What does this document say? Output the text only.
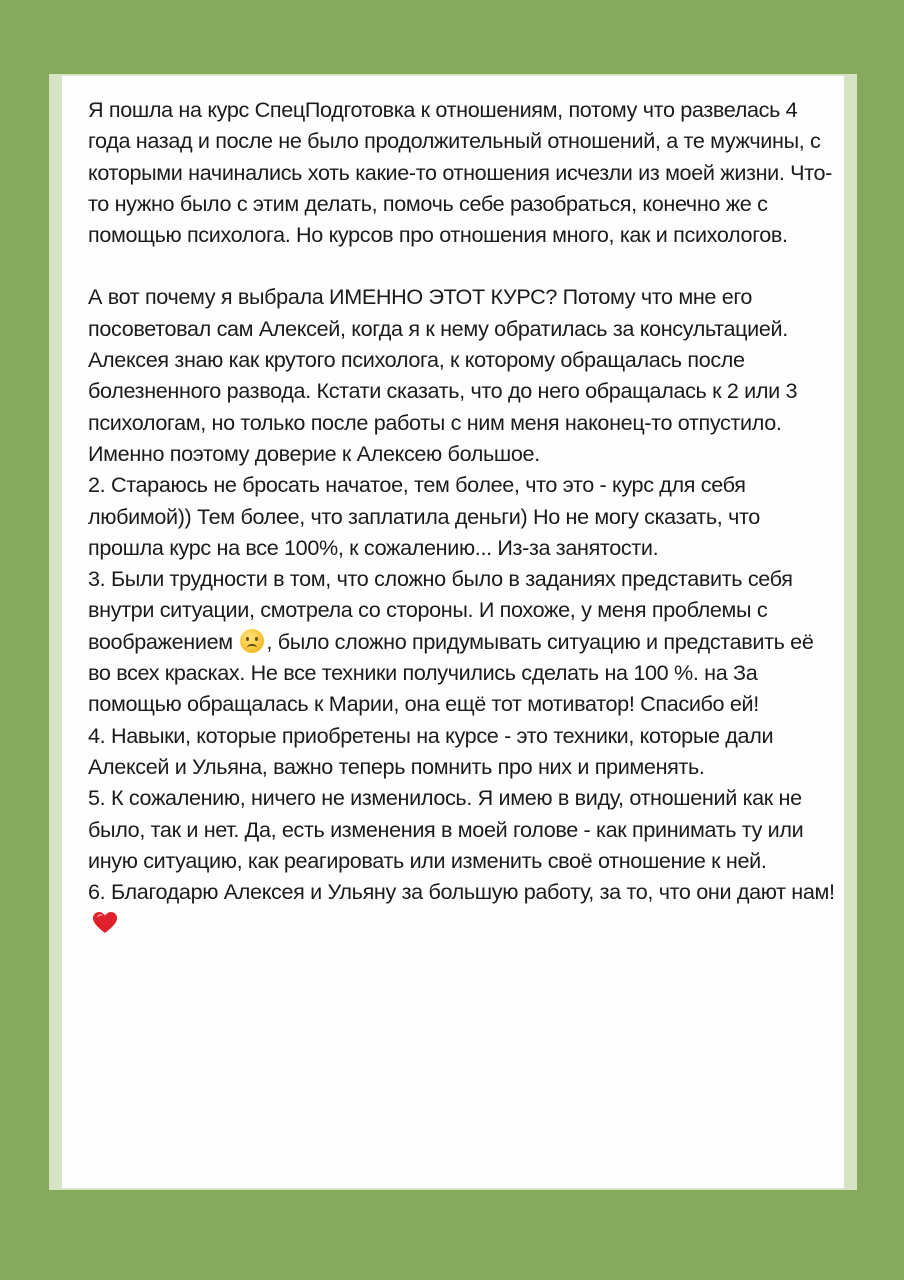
Я пошла на курс СпецПодготовка к отношениям, потому что развелась 4 года назад и после не было продолжительный отношений, а те мужчины, с которыми начинались хоть какие-то отношения исчезли из моей жизни. Что-то нужно было с этим делать, помочь себе разобраться, конечно же с помощью психолога. Но курсов про отношения много, как и психологов.

А вот почему я выбрала ИМЕННО ЭТОТ КУРС? Потому что мне его посоветовал сам Алексей, когда я к нему обратилась за консультацией. Алексея знаю как крутого психолога, к которому обращалась после болезненного развода. Кстати сказать, что до него обращалась к 2 или 3 психологам, но только после работы с ним меня наконец-то отпустило. Именно поэтому доверие к Алексею большое.

2. Стараюсь не бросать начатое, тем более, что это - курс для себя любимой)) Тем более, что заплатила деньги) Но не могу сказать, что прошла курс на все 100%, к сожалению... Из-за занятости.

3. Были трудности в том, что сложно было в заданиях представить себя внутри ситуации, смотрела со стороны. И похоже, у меня проблемы с воображением , было сложно придумывать ситуацию и представить её во всех красках. Не все техники получились сделать на 100 %. на За помощью обращалась к Марии, она ещё тот мотиватор! Спасибо ей!

4. Навыки, которые приобретены на курсе - это техники, которые дали Алексей и Ульяна, важно теперь помнить про них и применять.

5. К сожалению, ничего не изменилось. Я имею в виду, отношений как не было, так и нет. Да, есть изменения в моей голове - как принимать ту или иную ситуацию, как реагировать или изменить своё отношение к ней.

6. Благодарю Алексея и Ульяну за большую работу, за то, что они дают нам!
